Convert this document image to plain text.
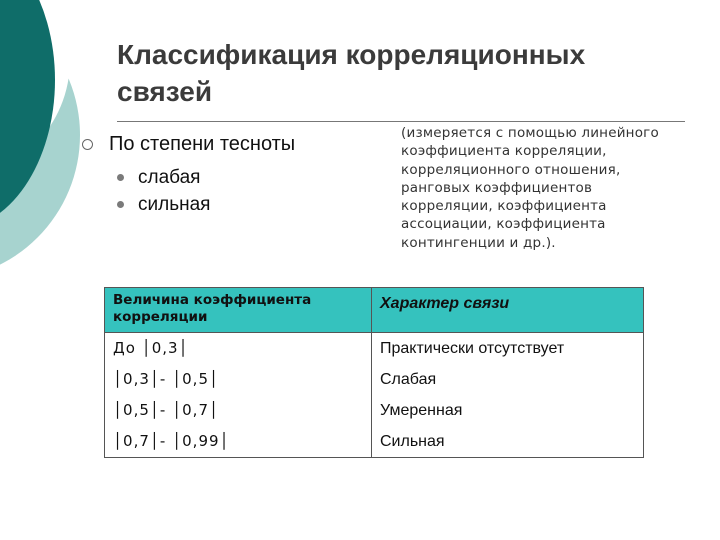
Классификация корреляционных связей
По степени тесноты
слабая
сильная
(измеряется с помощью линейного коэффициента корреляции, корреляционного отношения, ранговых коэффициентов корреляции, коэффициента ассоциации, коэффициента контингенции и др.).
Величина коэффициента корреляции	Характер связи
До │0,3│	Практически отсутствует
│0,3│- │0,5│	Слабая
│0,5│- │0,7│	Умеренная
│0,7│- │0,99│	Сильная
